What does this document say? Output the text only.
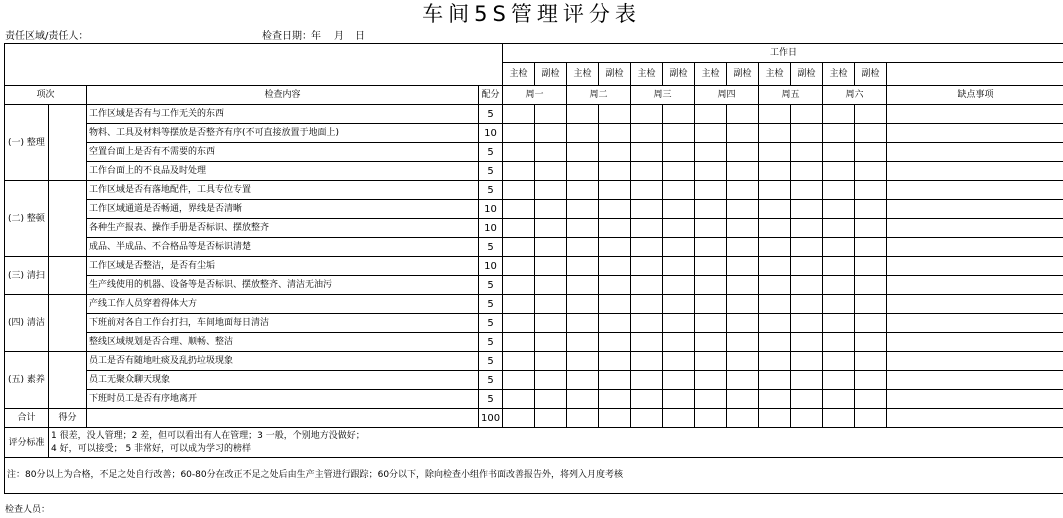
车间5S管理评分表
责任区域/责任人：	检查日期： 年 月 日
				工作日												
				主检	副检	主检	副检	主检	副检	主检	副检	主检	副检	主检	副检	
项次		检查内容	配分	周一		周二		周三		周四		周五		周六		缺点事项
(一) 整理		工作区域是否有与工作无关的东西	5													
		物料、工具及材料等摆放是否整齐有序(不可直接放置于地面上)	10													
		空置台面上是否有不需要的东西	5													
		工作台面上的不良品及时处理	5													
(二) 整顿		工作区域是否有落地配件，工具专位专置	5													
		工作区域通道是否畅通，界线是否清晰	10													
		各种生产报表、操作手册是否标识、摆放整齐	10													
		成品、半成品、不合格品等是否标识清楚	5													
(三) 清扫		工作区域是否整洁，是否有尘垢	10													
		生产线使用的机器、设备等是否标识、摆放整齐、清洁无油污	5													
(四) 清洁		产线工作人员穿着得体大方	5													
		下班前对各自工作台打扫，车间地面每日清洁	5													
		整线区域规划是否合理、顺畅、整洁	5													
(五) 素养		员工是否有随地吐痰及乱扔垃圾现象	5													
		员工无聚众聊天现象	5													
		下班时员工是否有序地离开	5													
合计	得分		100													
评分标准	1 很差，没人管理；2 差，但可以看出有人在管理；3 一般，个别地方没做好；
4 好，可以接受； 5 非常好，可以成为学习的榜样															

注：80分以上为合格，不足之处自行改善；60-80分在改正不足之处后由生产主管进行跟踪；60分以下，除向检查小组作书面改善报告外，将列入月度考核																
检查人员：
